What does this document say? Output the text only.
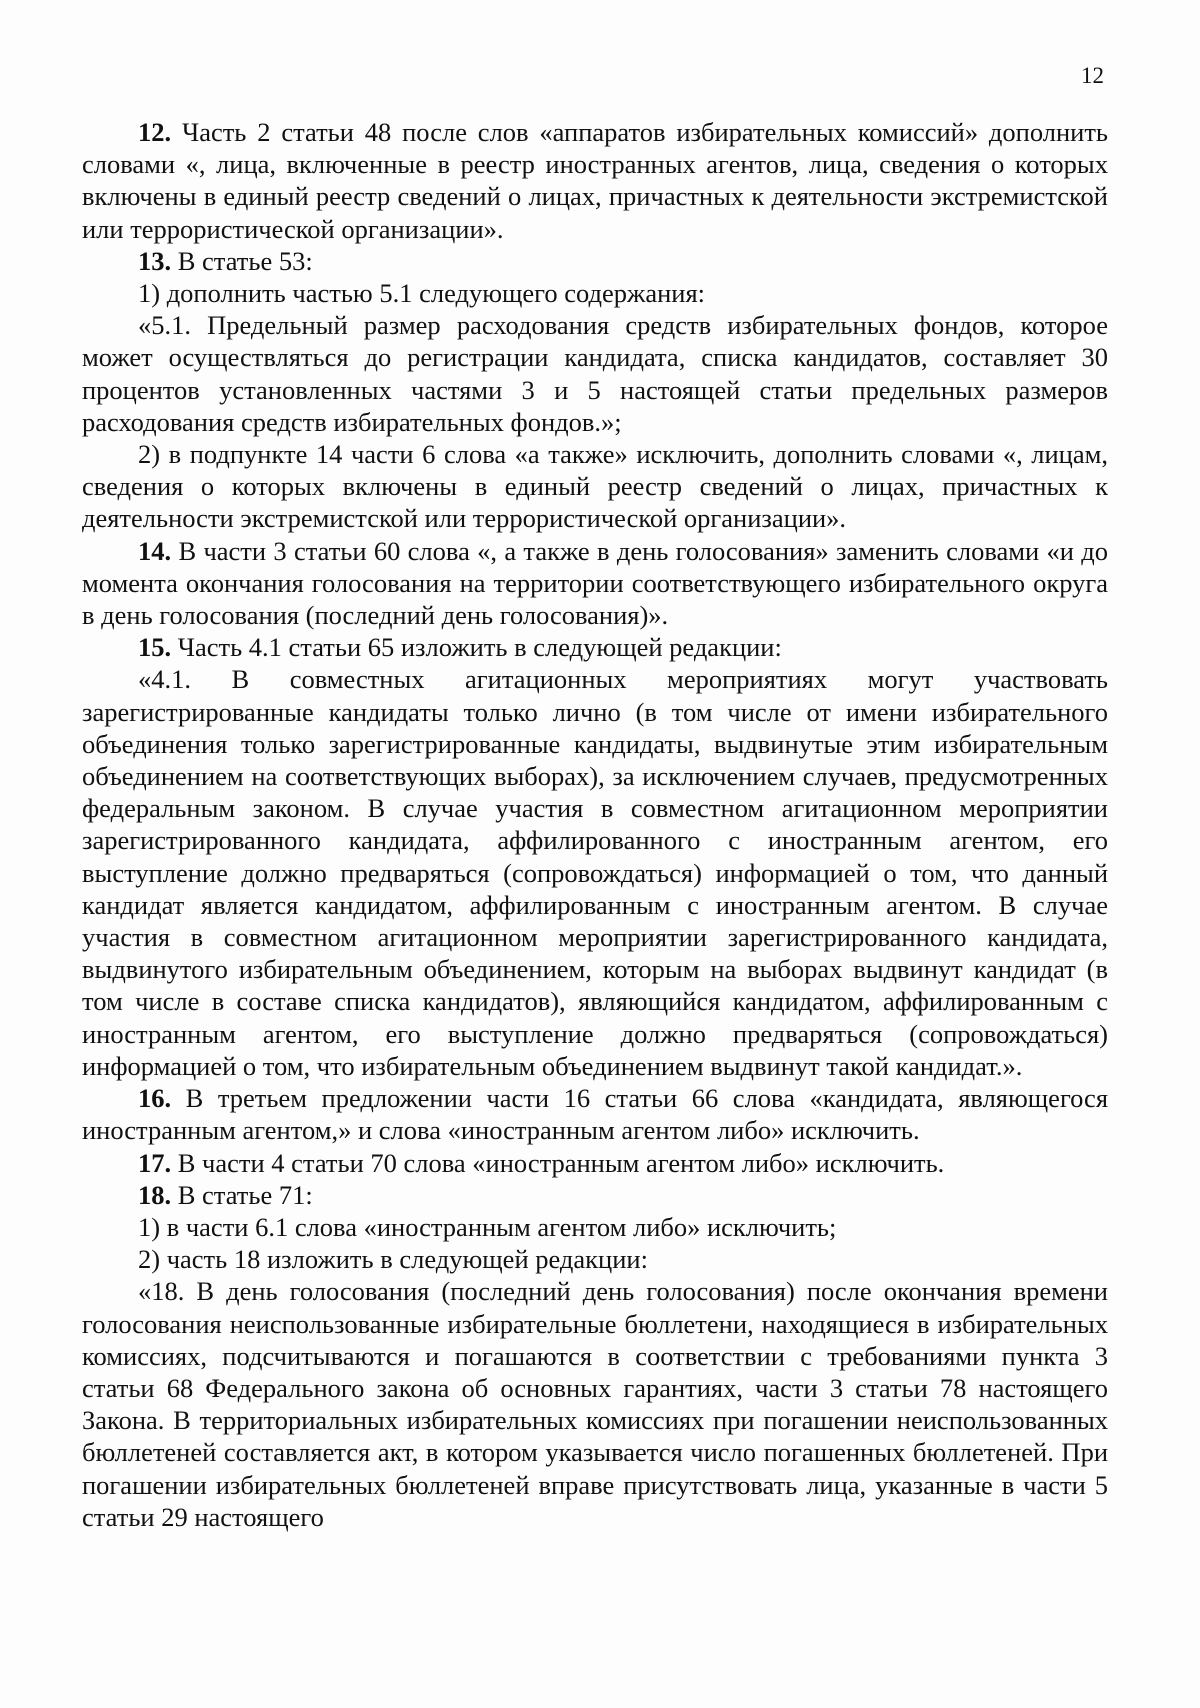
12

12. Часть 2 статьи 48 после слов «аппаратов избирательных комиссий» дополнить словами «, лица, включенные в реестр иностранных агентов, лица, сведения о которых включены в единый реестр сведений о лицах, причастных к деятельности экстремистской или террористической организации».

13. В статье 53:

1) дополнить частью 5.1 следующего содержания:

«5.1. Предельный размер расходования средств избирательных фондов, которое может осуществляться до регистрации кандидата, списка кандидатов, составляет 30 процентов установленных частями 3 и 5 настоящей статьи предельных размеров расходования средств избирательных фондов.»;

2) в подпункте 14 части 6 слова «а также» исключить, дополнить словами «, лицам, сведения о которых включены в единый реестр сведений о лицах, причастных к деятельности экстремистской или террористической организации».

14. В части 3 статьи 60 слова «, а также в день голосования» заменить словами «и до момента окончания голосования на территории соответствующего избирательного округа в день голосования (последний день голосования)».

15. Часть 4.1 статьи 65 изложить в следующей редакции:

«4.1. В совместных агитационных мероприятиях могут участвовать зарегистрированные кандидаты только лично (в том числе от имени избирательного объединения только зарегистрированные кандидаты, выдвинутые этим избирательным объединением на соответствующих выборах), за исключением случаев, предусмотренных федеральным законом. В случае участия в совместном агитационном мероприятии зарегистрированного кандидата, аффилированного с иностранным агентом, его выступление должно предваряться (сопровождаться) информацией о том, что данный кандидат является кандидатом, аффилированным с иностранным агентом. В случае участия в совместном агитационном мероприятии зарегистрированного кандидата, выдвинутого избирательным объединением, которым на выборах выдвинут кандидат (в том числе в составе списка кандидатов), являющийся кандидатом, аффилированным с иностранным агентом, его выступление должно предваряться (сопровождаться) информацией о том, что избирательным объединением выдвинут такой кандидат.».

16. В третьем предложении части 16 статьи 66 слова «кандидата, являющегося иностранным агентом,» и слова «иностранным агентом либо» исключить.

17. В части 4 статьи 70 слова «иностранным агентом либо» исключить.

18. В статье 71:

1) в части 6.1 слова «иностранным агентом либо» исключить;

2) часть 18 изложить в следующей редакции:

«18. В день голосования (последний день голосования) после окончания времени голосования неиспользованные избирательные бюллетени, находящиеся в избирательных комиссиях, подсчитываются и погашаются в соответствии с требованиями пункта 3 статьи 68 Федерального закона об основных гарантиях, части 3 статьи 78 настоящего Закона. В территориальных избирательных комиссиях при погашении неиспользованных бюллетеней составляется акт, в котором указывается число погашенных бюллетеней. При погашении избирательных бюллетеней вправе присутствовать лица, указанные в части 5 статьи 29 настоящего
